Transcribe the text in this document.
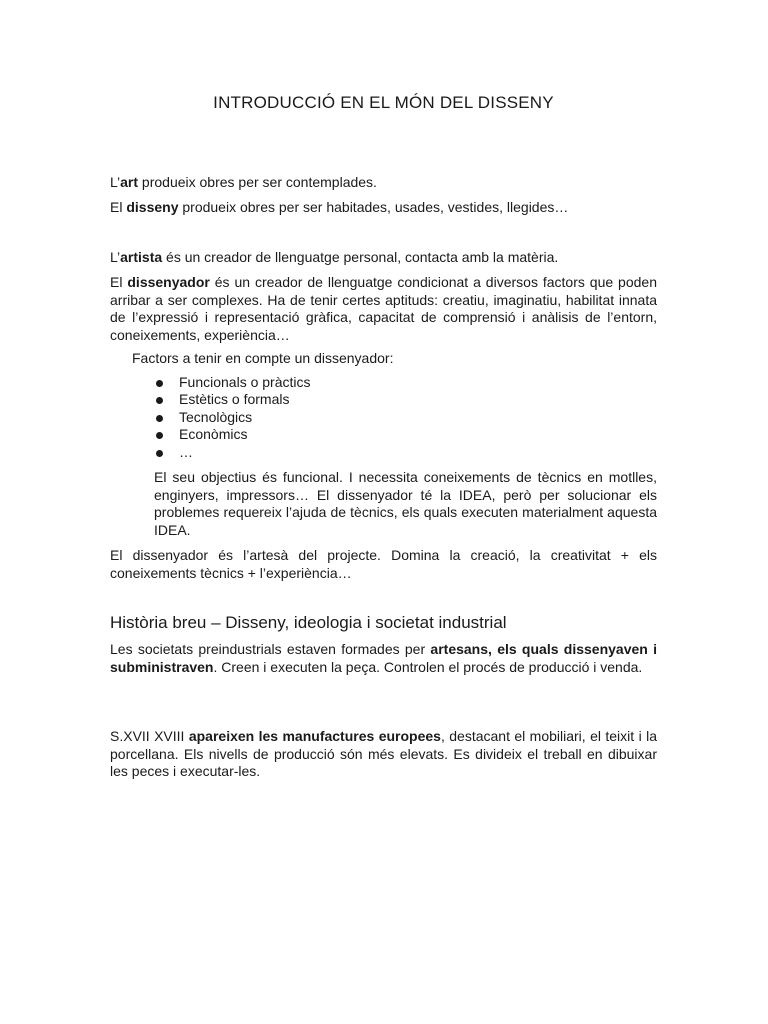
INTRODUCCIÓ EN EL MÓN DEL DISSENY

L’art produeix obres per ser contemplades.

El disseny produeix obres per ser habitades, usades, vestides, llegides…

L’artista és un creador de llenguatge personal, contacta amb la matèria.

El dissenyador és un creador de llenguatge condicionat a diversos factors que poden arribar a ser complexes. Ha de tenir certes aptituds: creatiu, imaginatiu, habilitat innata de l’expressió i representació gràfica, capacitat de comprensió i anàlisis de l’entorn, coneixements, experiència…

Factors a tenir en compte un dissenyador:

Funcionals o pràctics
Estètics o formals
Tecnològics
Econòmics
…

El seu objectius és funcional. I necessita coneixements de tècnics en motlles, enginyers, impressors… El dissenyador té la IDEA, però per solucionar els problemes requereix l’ajuda de tècnics, els quals executen materialment aquesta IDEA.

El dissenyador és l’artesà del projecte. Domina la creació, la creativitat + els coneixements tècnics + l’experiència…

Història breu – Disseny, ideologia i societat industrial

Les societats preindustrials estaven formades per artesans, els quals dissenyaven i subministraven. Creen i executen la peça. Controlen el procés de producció i venda.

S.XVII XVIII apareixen les manufactures europees, destacant el mobiliari, el teixit i la porcellana. Els nivells de producció són més elevats. Es divideix el treball en dibuixar les peces i executar-les.
